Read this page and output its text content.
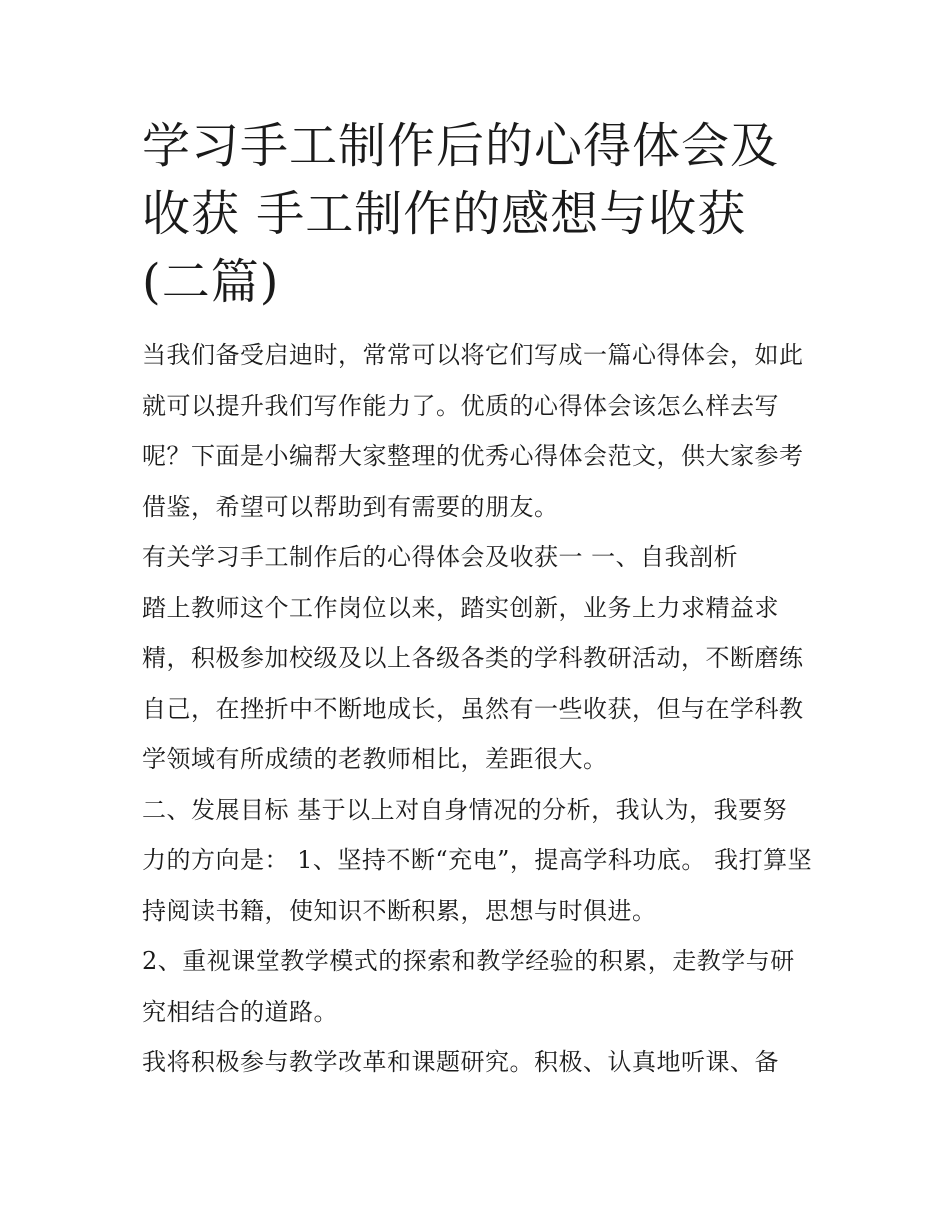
学习手工制作后的心得体会及
收获 手工制作的感想与收获
(二篇)
当我们备受启迪时，常常可以将它们写成一篇心得体会，如此
就可以提升我们写作能力了。优质的心得体会该怎么样去写
呢？下面是小编帮大家整理的优秀心得体会范文，供大家参考
借鉴，希望可以帮助到有需要的朋友。
有关学习手工制作后的心得体会及收获一 一、自我剖析
踏上教师这个工作岗位以来，踏实创新，业务上力求精益求
精，积极参加校级及以上各级各类的学科教研活动，不断磨练
自己，在挫折中不断地成长，虽然有一些收获，但与在学科教
学领域有所成绩的老教师相比，差距很大。
二、发展目标 基于以上对自身情况的分析，我认为，我要努
力的方向是： 1、坚持不断“充电”，提高学科功底。 我打算坚
持阅读书籍，使知识不断积累，思想与时俱进。
2、重视课堂教学模式的探索和教学经验的积累，走教学与研
究相结合的道路。
我将积极参与教学改革和课题研究。积极、认真地听课、备
